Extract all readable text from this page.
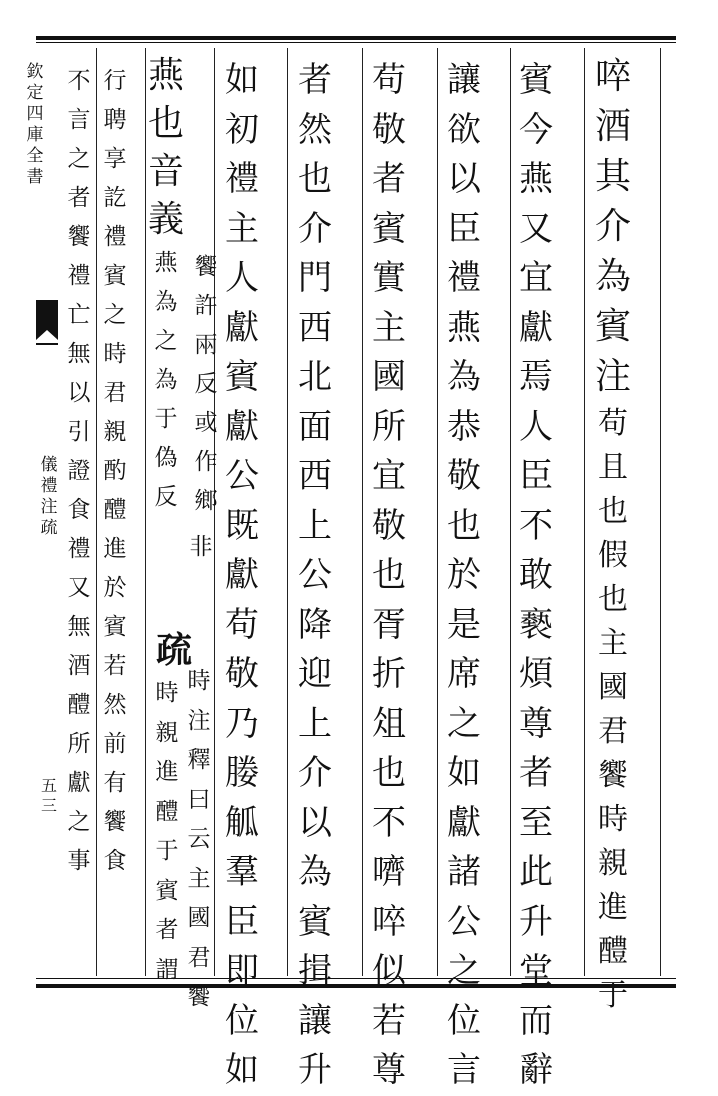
欽
定
四
庫
全
書
儀
禮
注
疏
五
三
啐
酒
其
介
為
賓
注
苟
且
也
假
也
主
國
君
饗
時
親
進
醴
于
賓
今
燕
又
宜
獻
焉
人
臣
不
敢
褻
煩
尊
者
至
此
升
堂
而
辭
讓
欲
以
臣
禮
燕
為
恭
敬
也
於
是
席
之
如
獻
諸
公
之
位
言
苟
敬
者
賓
實
主
國
所
宜
敬
也
胥
折
俎
也
不
嚌
啐
似
若
尊
者
然
也
介
門
西
北
面
西
上
公
降
迎
上
介
以
為
賓
揖
讓
升
如
初
禮
主
人
獻
賓
獻
公
既
獻
苟
敬
乃
媵
觚
羣
臣
即
位
如
饗
許
兩
反
或
作
鄉
燕
也
音
義
燕
為
之
為
于
偽
反
非
疏
時
注
釋
曰
云
主
國
君
饗
時
親
進
醴
于
賓
者
謂
行
聘
享
訖
禮
賓
之
時
君
親
酌
醴
進
於
賓
若
然
前
有
饗
食
不
言
之
者
饗
禮
亡
無
以
引
證
食
禮
又
無
酒
醴
所
獻
之
事
